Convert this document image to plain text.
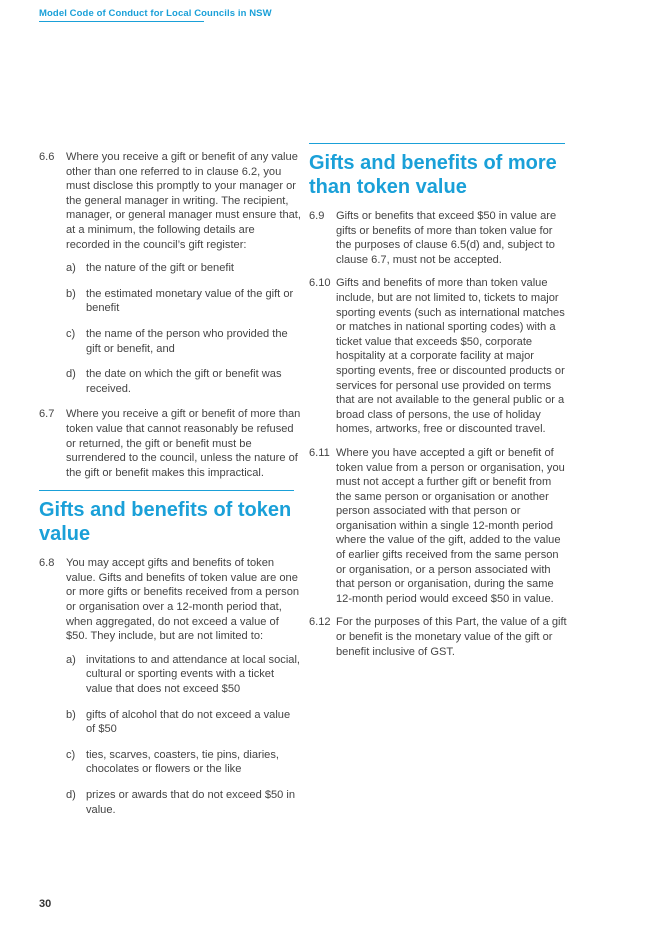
Model Code of Conduct for Local Councils in NSW
6.6	Where you receive a gift or benefit of any value other than one referred to in clause 6.2, you must disclose this promptly to your manager or the general manager in writing. The recipient, manager, or general manager must ensure that, at a minimum, the following details are recorded in the council’s gift register:
a) the nature of the gift or benefit
b) the estimated monetary value of the gift or benefit
c) the name of the person who provided the gift or benefit, and
d) the date on which the gift or benefit was received.
6.7	Where you receive a gift or benefit of more than token value that cannot reasonably be refused or returned, the gift or benefit must be surrendered to the council, unless the nature of the gift or benefit makes this impractical.
Gifts and benefits of token value
6.8	You may accept gifts and benefits of token value. Gifts and benefits of token value are one or more gifts or benefits received from a person or organisation over a 12-month period that, when aggregated, do not exceed a value of $50. They include, but are not limited to:
a) invitations to and attendance at local social, cultural or sporting events with a ticket value that does not exceed $50
b) gifts of alcohol that do not exceed a value of $50
c) ties, scarves, coasters, tie pins, diaries, chocolates or flowers or the like
d) prizes or awards that do not exceed $50 in value.
Gifts and benefits of more than token value
6.9	Gifts or benefits that exceed $50 in value are gifts or benefits of more than token value for the purposes of clause 6.5(d) and, subject to clause 6.7, must not be accepted.
6.10 Gifts and benefits of more than token value include, but are not limited to, tickets to major sporting events (such as international matches or matches in national sporting codes) with a ticket value that exceeds $50, corporate hospitality at a corporate facility at major sporting events, free or discounted products or services for personal use provided on terms that are not available to the general public or a broad class of persons, the use of holiday homes, artworks, free or discounted travel.
6.11 Where you have accepted a gift or benefit of token value from a person or organisation, you must not accept a further gift or benefit from the same person or organisation or another person associated with that person or organisation within a single 12-month period where the value of the gift, added to the value of earlier gifts received from the same person or organisation, or a person associated with that person or organisation, during the same 12-month period would exceed $50 in value.
6.12 For the purposes of this Part, the value of a gift or benefit is the monetary value of the gift or benefit inclusive of GST.
30
